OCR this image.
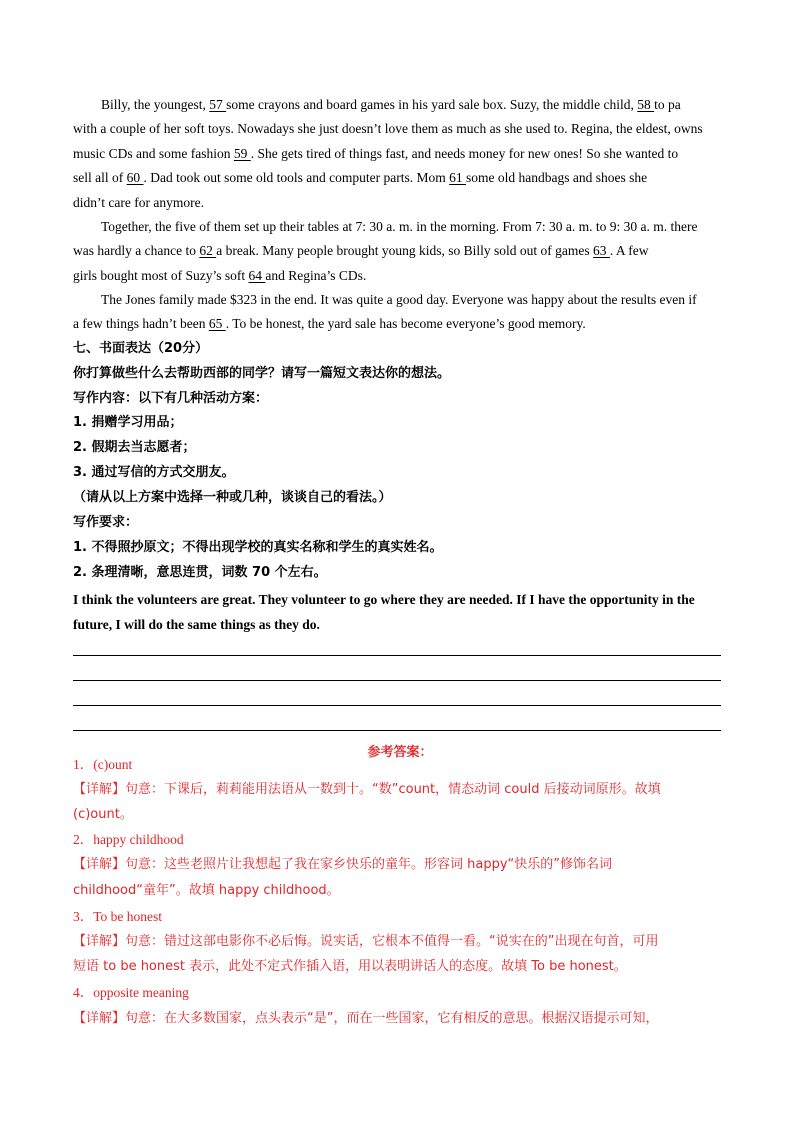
Billy, the youngest, 57 some crayons and board games in his yard sale box. Suzy, the middle child, 58 to pa
with a couple of her soft toys. Nowadays she just doesn’t love them as much as she used to. Regina, the eldest, owns
music CDs and some fashion 59 . She gets tired of things fast, and needs money for new ones! So she wanted to
sell all of 60 . Dad took out some old tools and computer parts. Mom 61 some old handbags and shoes she
didn’t care for anymore.
Together, the five of them set up their tables at 7: 30 a. m. in the morning. From 7: 30 a. m. to 9: 30 a. m. there
was hardly a chance to 62 a break. Many people brought young kids, so Billy sold out of games 63 . A few
girls bought most of Suzy’s soft 64 and Regina’s CDs.
The Jones family made $323 in the end. It was quite a good day. Everyone was happy about the results even if
a few things hadn’t been 65 . To be honest, the yard sale has become everyone’s good memory.
七、书面表达（20分）
你打算做些什么去帮助西部的同学？请写一篇短文表达你的想法。
写作内容：以下有几种活动方案：
1. 捐赠学习用品；
2. 假期去当志愿者；
3. 通过写信的方式交朋友。
（请从以上方案中选择一种或几种，谈谈自己的看法。）
写作要求：
1. 不得照抄原文；不得出现学校的真实名称和学生的真实姓名。
2. 条理清晰，意思连贯，词数 70 个左右。
I think the volunteers are great. They volunteer to go where they are needed. If I have the opportunity in the
future, I will do the same things as they do.
参考答案：
1．(c)ount
【详解】句意：下课后，莉莉能用法语从一数到十。“数”count，情态动词 could 后接动词原形。故填
(c)ount。
2．happy childhood
【详解】句意：这些老照片让我想起了我在家乡快乐的童年。形容词 happy“快乐的”修饰名词
childhood“童年”。故填 happy childhood。
3．To be honest
【详解】句意：错过这部电影你不必后悔。说实话，它根本不值得一看。“说实在的”出现在句首，可用
短语 to be honest 表示，此处不定式作插入语，用以表明讲话人的态度。故填 To be honest。
4．opposite meaning
【详解】句意：在大多数国家，点头表示“是”，而在一些国家，它有相反的意思。根据汉语提示可知，
